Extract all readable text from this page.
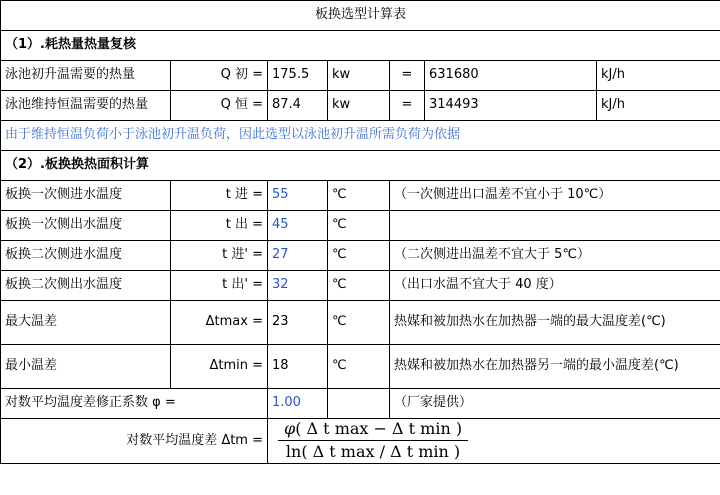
板换选型计算表						
（1）.耗热量热量复核						
泳池初升温需要的热量	Q 初 =	175.5	kw	=	631680	kJ/h
泳池维持恒温需要的热量	Q 恒 =	87.4	kw	=	314493	kJ/h
由于维持恒温负荷小于泳池初升温负荷，因此选型以泳池初升温所需负荷为依据						
（2）.板换换热面积计算						
板换一次侧进水温度	t 进 =	55	℃	（一次侧进出口温差不宜小于 10℃）		
板换一次侧出水温度	t 出 =	45	℃			
板换二次侧进水温度	t 进' =	27	℃	（二次侧进出温差不宜大于 5℃）		
板换二次侧出水温度	t 出' =	32	℃	（出口水温不宜大于 40 度）		
最大温差	Δtmax =	23	℃	热媒和被加热水在加热器一端的最大温度差(℃)		
最小温差	Δtmin =	18	℃	热媒和被加热水在加热器另一端的最小温度差(℃)		
对数平均温度差修正系数 φ =		1.00		（厂家提供）		
对数平均温度差 Δtm =		$\frac{\text{φ( Δ t max − Δ t min )}}{\text{ln( Δ t max / Δ t min )}}$
